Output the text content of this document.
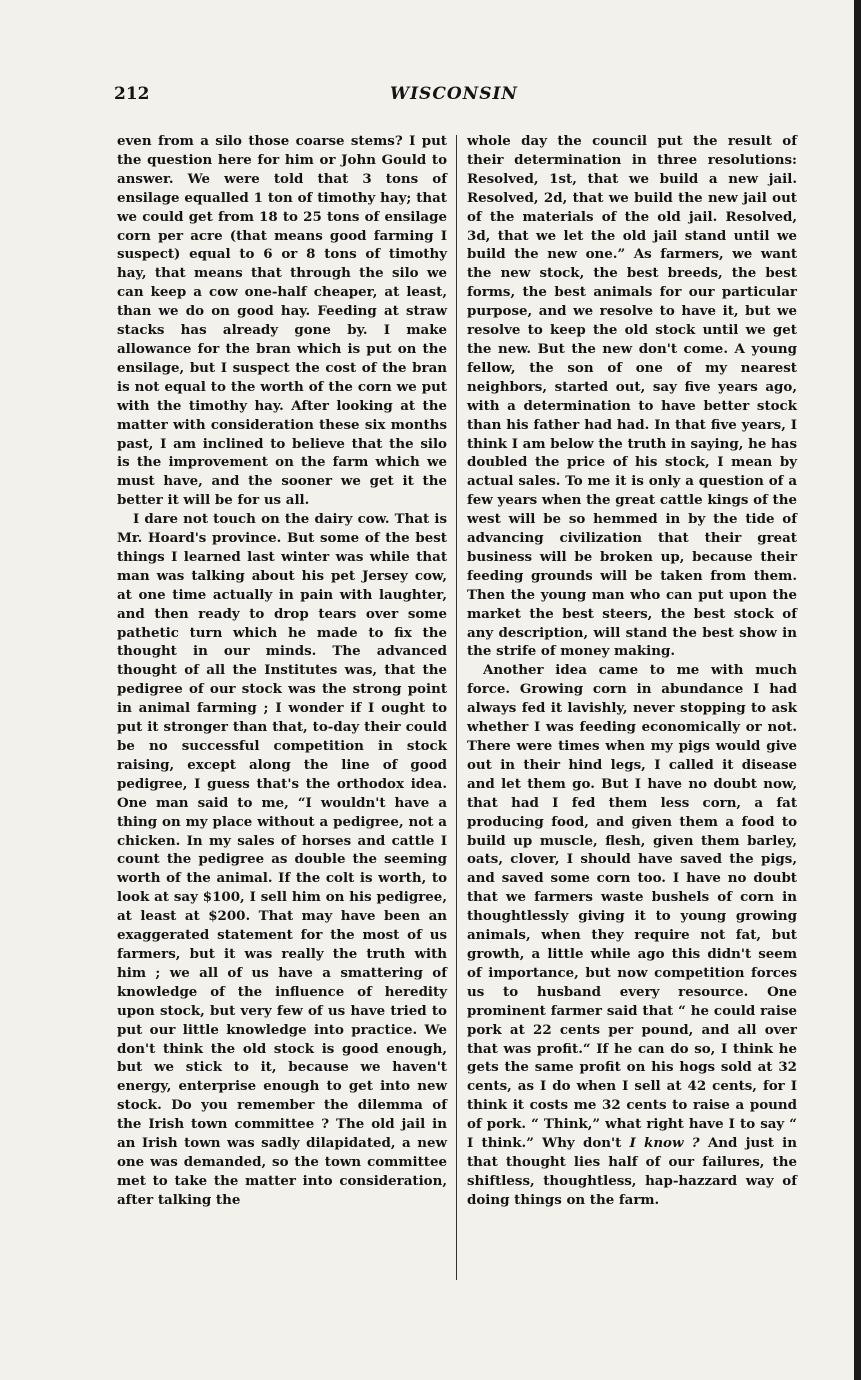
212	WISCONSIN

even from a silo those coarse stems? I put the question here for him or John Gould to answer. We were told that 3 tons of ensilage equalled 1 ton of timothy hay; that we could get from 18 to 25 tons of ensilage corn per acre (that means good farming I suspect) equal to 6 or 8 tons of timothy hay, that means that through the silo we can keep a cow one-half cheaper, at least, than we do on good hay. Feeding at straw stacks has already gone by. I make allowance for the bran which is put on the ensilage, but I suspect the cost of the bran is not equal to the worth of the corn we put with the timothy hay. After looking at the matter with consideration these six months past, I am inclined to believe that the silo is the improvement on the farm which we must have, and the sooner we get it the better it will be for us all.

I dare not touch on the dairy cow. That is Mr. Hoard's province. But some of the best things I learned last winter was while that man was talking about his pet Jersey cow, at one time actually in pain with laughter, and then ready to drop tears over some pathetic turn which he made to fix the thought in our minds. The advanced thought of all the Institutes was, that the pedigree of our stock was the strong point in animal farming ; I wonder if I ought to put it stronger than that, to-day their could be no successful competition in stock raising, except along the line of good pedigree, I guess that's the orthodox idea. One man said to me, “I wouldn't have a thing on my place without a pedigree, not a chicken. In my sales of horses and cattle I count the pedigree as double the seeming worth of the animal. If the colt is worth, to look at say $100, I sell him on his pedigree, at least at $200. That may have been an exaggerated statement for the most of us farmers, but it was really the truth with him ; we all of us have a smattering of knowledge of the influence of heredity upon stock, but very few of us have tried to put our little knowledge into practice. We don't think the old stock is good enough, but we stick to it, because we haven't energy, enterprise enough to get into new stock. Do you remember the dilemma of the Irish town committee ? The old jail in an Irish town was sadly dilapidated, a new one was demanded, so the town committee met to take the matter into consideration, after talking the

whole day the council put the result of their determination in three resolutions: Resolved, 1st, that we build a new jail. Resolved, 2d, that we build the new jail out of the materials of the old jail. Resolved, 3d, that we let the old jail stand until we build the new one.” As farmers, we want the new stock, the best breeds, the best forms, the best animals for our particular purpose, and we resolve to have it, but we resolve to keep the old stock until we get the new. But the new don't come. A young fellow, the son of one of my nearest neighbors, started out, say five years ago, with a determination to have better stock than his father had had. In that five years, I think I am below the truth in saying, he has doubled the price of his stock, I mean by actual sales. To me it is only a question of a few years when the great cattle kings of the west will be so hemmed in by the tide of advancing civilization that their great business will be broken up, because their feeding grounds will be taken from them. Then the young man who can put upon the market the best steers, the best stock of any description, will stand the best show in the strife of money making.

Another idea came to me with much force. Growing corn in abundance I had always fed it lavishly, never stopping to ask whether I was feeding economically or not. There were times when my pigs would give out in their hind legs, I called it disease and let them go. But I have no doubt now, that had I fed them less corn, a fat producing food, and given them a food to build up muscle, flesh, given them barley, oats, clover, I should have saved the pigs, and saved some corn too. I have no doubt that we farmers waste bushels of corn in thoughtlessly giving it to young growing animals, when they require not fat, but growth, a little while ago this didn't seem of importance, but now competition forces us to husband every resource. One prominent farmer said that “ he could raise pork at 22 cents per pound, and all over that was profit.“ If he can do so, I think he gets the same profit on his hogs sold at 32 cents, as I do when I sell at 42 cents, for I think it costs me 32 cents to raise a pound of pork. “ Think,” what right have I to say “ I think.” Why don't I know ? And just in that thought lies half of our failures, the shiftless, thoughtless, hap-hazzard way of doing things on the farm.
